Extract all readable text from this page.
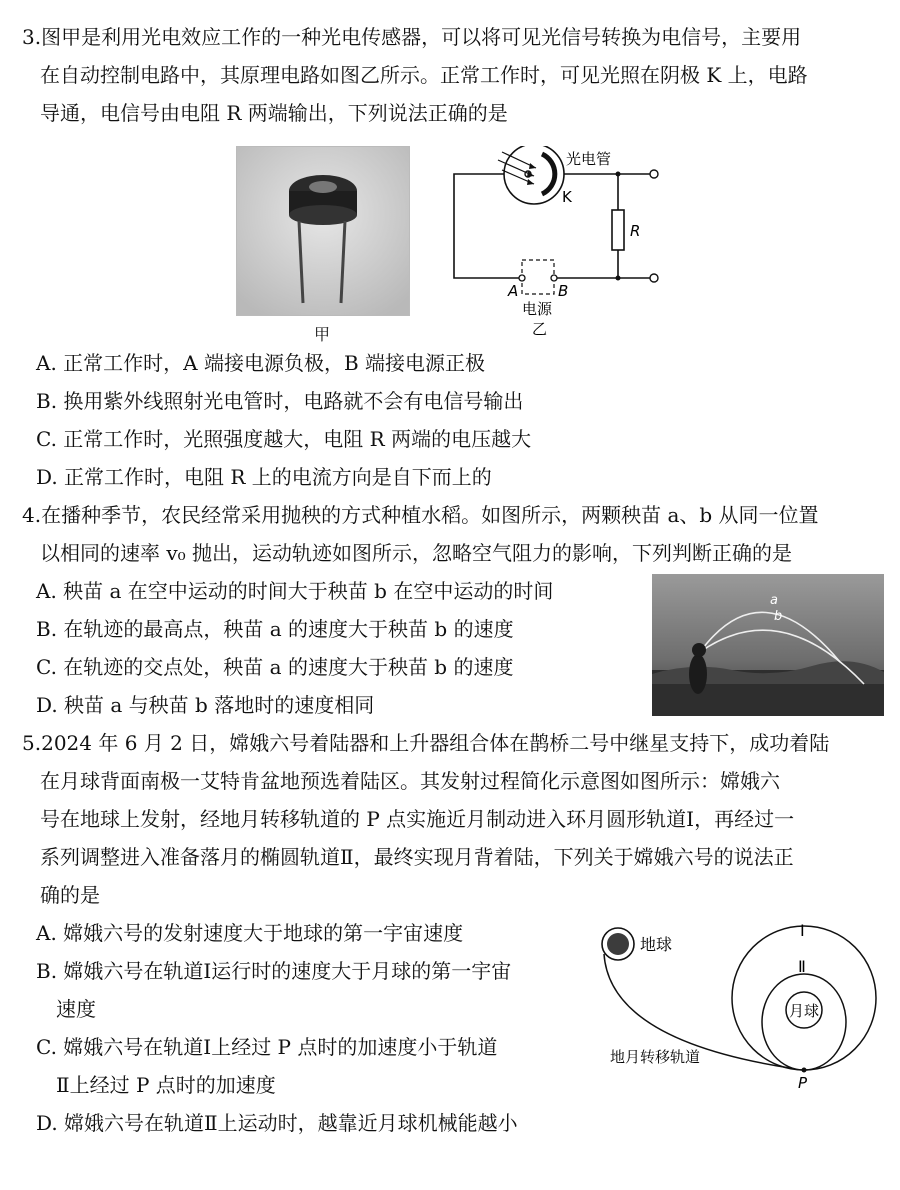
3.图甲是利用光电效应工作的一种光电传感器，可以将可见光信号转换为电信号，主要用

在自动控制电路中，其原理电路如图乙所示。正常工作时，可见光照在阴极 K 上，电路

导通，电信号由电阻 R 两端输出，下列说法正确的是

甲
光电管
K
R
A	B
电源
乙

A. 正常工作时，A 端接电源负极，B 端接电源正极

B. 换用紫外线照射光电管时，电路就不会有电信号输出

C. 正常工作时，光照强度越大，电阻 R 两端的电压越大

D. 正常工作时，电阻 R 上的电流方向是自下而上的

4.在播种季节，农民经常采用抛秧的方式种植水稻。如图所示，两颗秧苗 a、b 从同一位置

以相同的速率 v₀ 抛出，运动轨迹如图所示，忽略空气阻力的影响，下列判断正确的是

A. 秧苗 a 在空中运动的时间大于秧苗 b 在空中运动的时间

B. 在轨迹的最高点，秧苗 a 的速度大于秧苗 b 的速度

C. 在轨迹的交点处，秧苗 a 的速度大于秧苗 b 的速度

D. 秧苗 a 与秧苗 b 落地时的速度相同

a
b

5.2024 年 6 月 2 日，嫦娥六号着陆器和上升器组合体在鹊桥二号中继星支持下，成功着陆

在月球背面南极一艾特肯盆地预选着陆区。其发射过程简化示意图如图所示：嫦娥六

号在地球上发射，经地月转移轨道的 P 点实施近月制动进入环月圆形轨道Ⅰ，再经过一

系列调整进入准备落月的椭圆轨道Ⅱ，最终实现月背着陆，下列关于嫦娥六号的说法正

确的是

A. 嫦娥六号的发射速度大于地球的第一宇宙速度

B. 嫦娥六号在轨道Ⅰ运行时的速度大于月球的第一宇宙
速度

C. 嫦娥六号在轨道Ⅰ上经过 P 点时的加速度小于轨道
Ⅱ上经过 P 点时的加速度

D. 嫦娥六号在轨道Ⅱ上运动时，越靠近月球机械能越小

地球
月球
Ⅰ
Ⅱ
P
地月转移轨道
